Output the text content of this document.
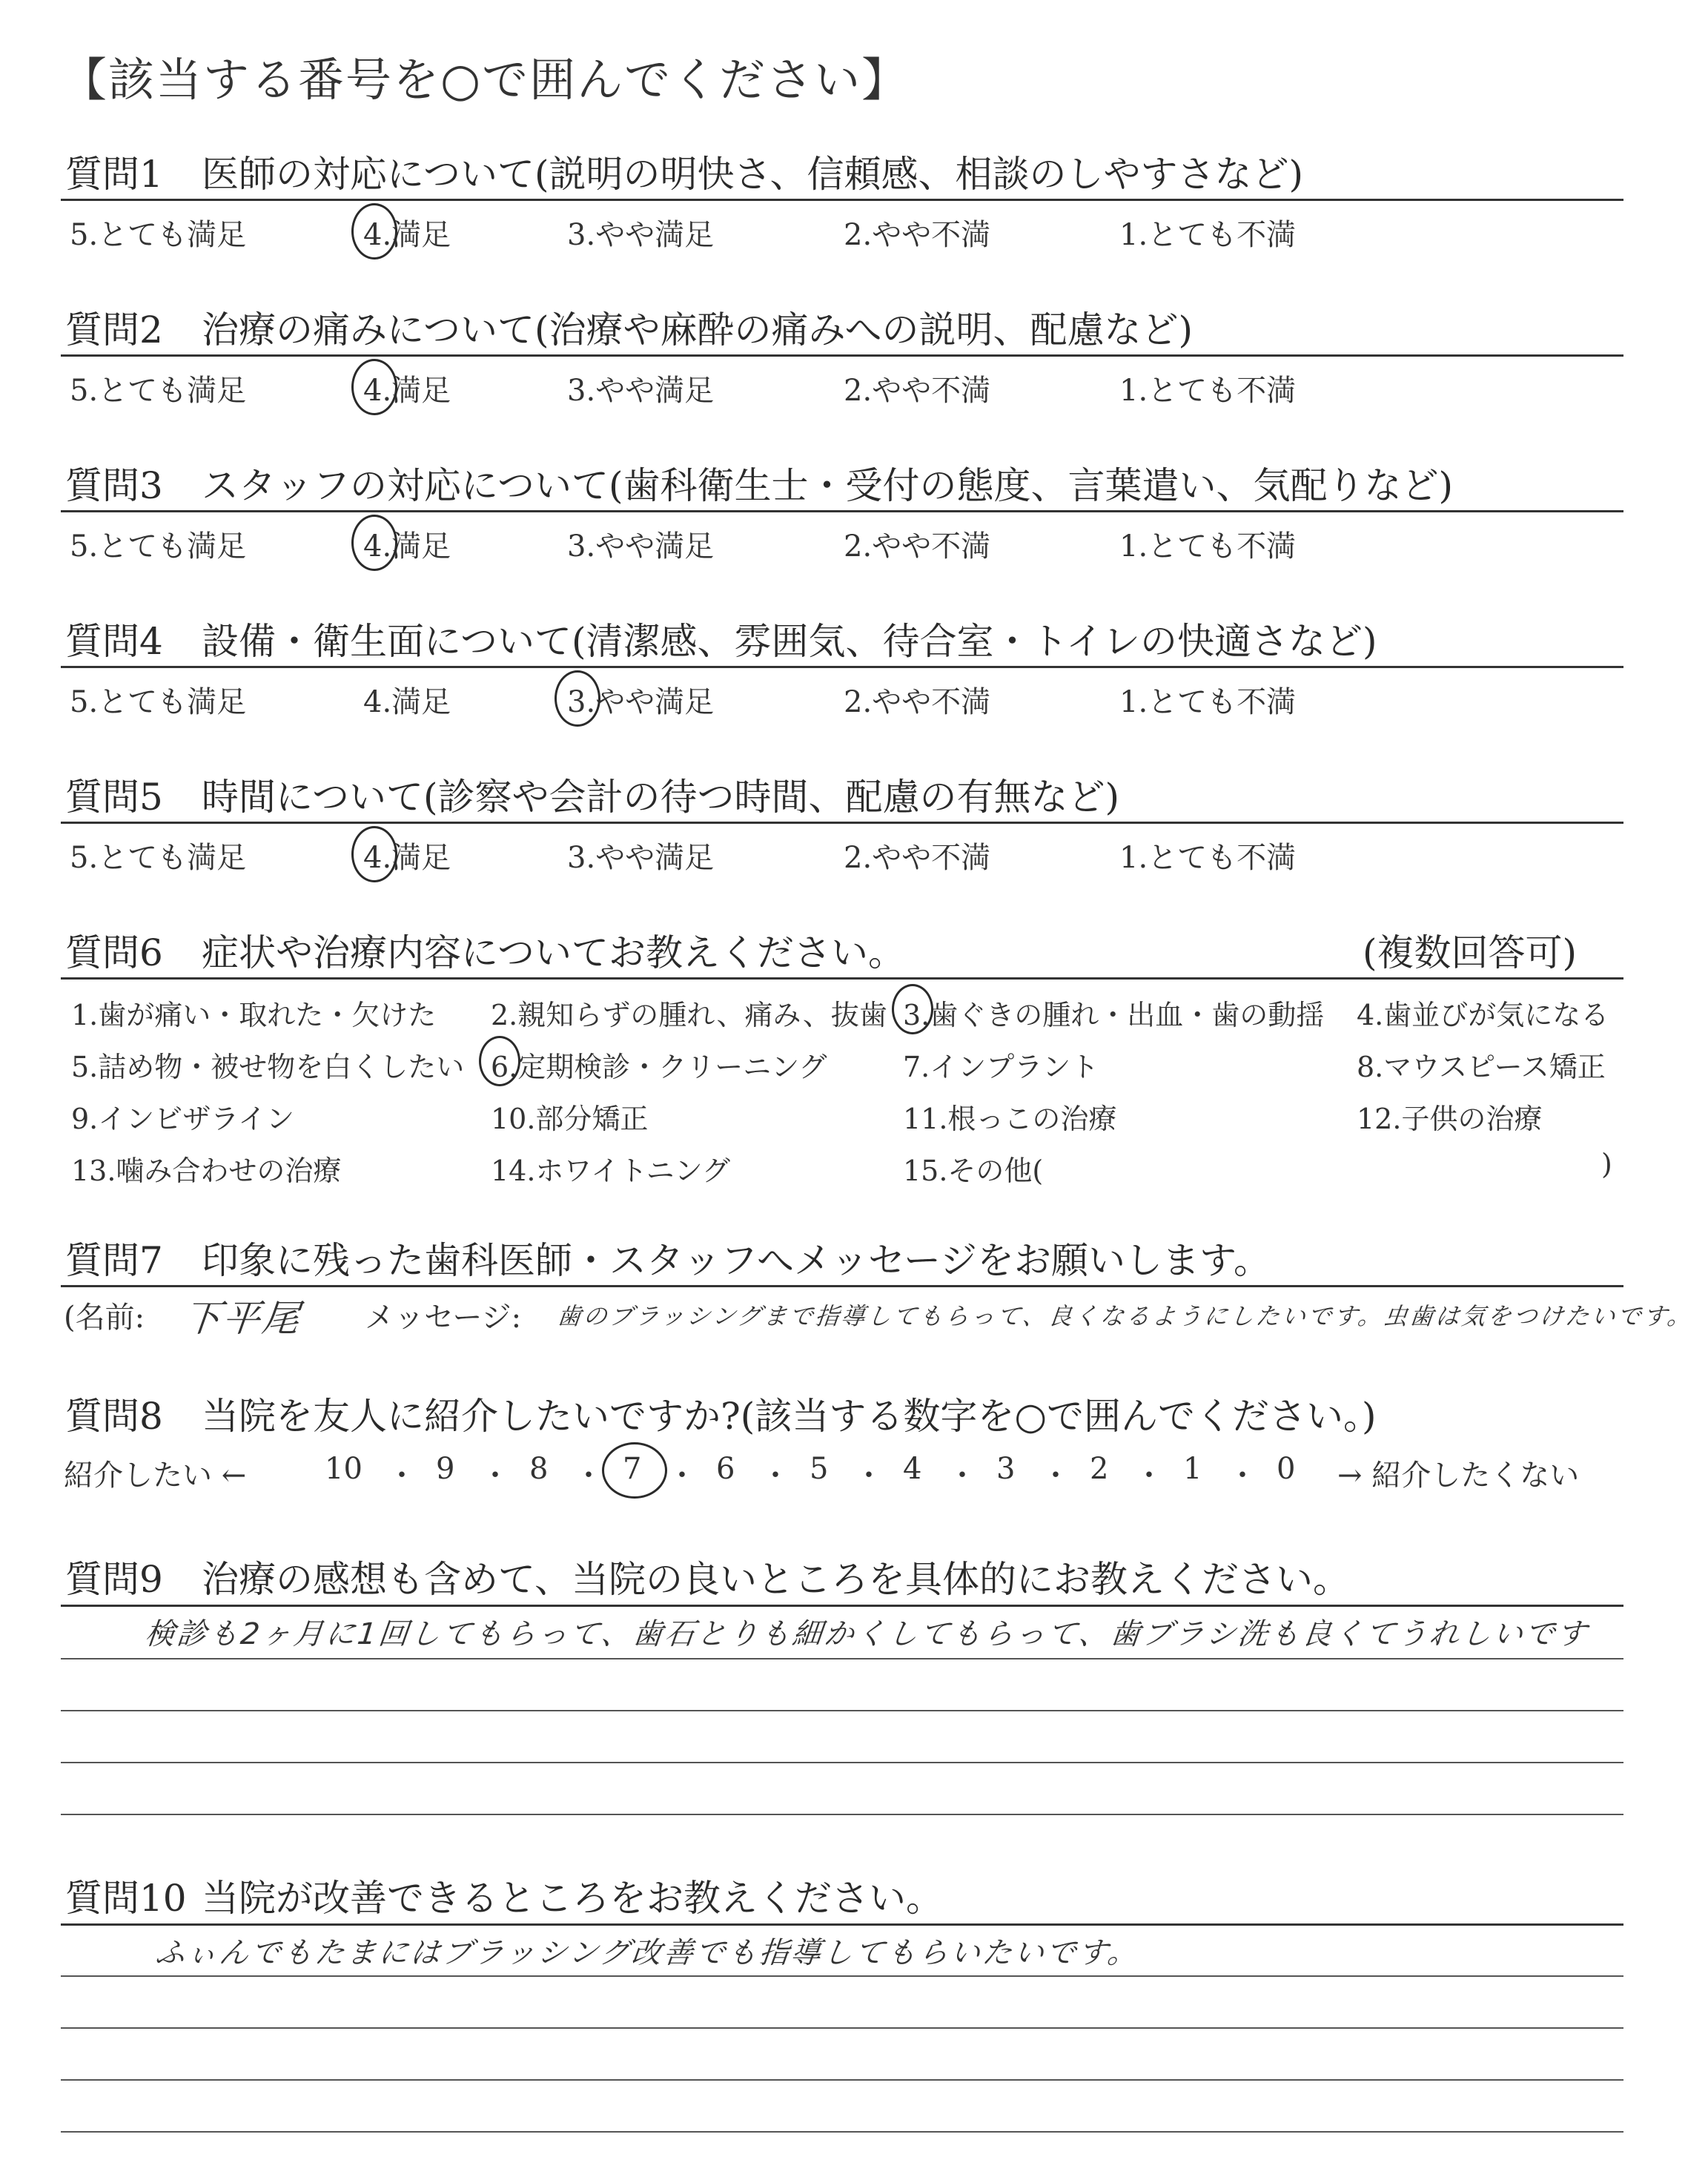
【該当する番号を○で囲んでください】
質問1 医師の対応について(説明の明快さ、信頼感、相談のしやすさなど)
5.とても満足	4.満足	3.やや満足	2.やや不満	1.とても不満
質問2 治療の痛みについて(治療や麻酔の痛みへの説明、配慮など)
5.とても満足	4.満足	3.やや満足	2.やや不満	1.とても不満
質問3 スタッフの対応について(歯科衛生士・受付の態度、言葉遣い、気配りなど)
5.とても満足	4.満足	3.やや満足	2.やや不満	1.とても不満
質問4 設備・衛生面について(清潔感、雰囲気、待合室・トイレの快適さなど)
5.とても満足	4.満足	3.やや満足	2.やや不満	1.とても不満
質問5 時間について(診察や会計の待つ時間、配慮の有無など)
5.とても満足	4.満足	3.やや満足	2.やや不満	1.とても不満
質問6 症状や治療内容についてお教えください。	(複数回答可)
1.歯が痛い・取れた・欠けた 2.親知らずの腫れ、痛み、抜歯 3.歯ぐきの腫れ・出血・歯の動揺 4.歯並びが気になる
5.詰め物・被せ物を白くしたい 6.定期検診・クリーニング	7.インプラント	8.マウスピース矯正
9.インビザライン	10.部分矯正	11.根っこの治療	12.子供の治療
13.噛み合わせの治療	14.ホワイトニング	15.その他(	)
質問7 印象に残った歯科医師・スタッフへメッセージをお願いします。
(名前: 下平尾 メッセージ: 歯のブラッシングまで指導してもらって、良くなるようにしたいです。虫歯は気をつけたいです。
質問8 当院を友人に紹介したいですか?(該当する数字を○で囲んでください。)
紹介したい ←	10 ・ 9 ・ 8 ・ 7 ・ 6 ・ 5 ・ 4 ・ 3 ・ 2 ・ 1 ・ 0 → 紹介したくない
質問9 治療の感想も含めて、当院の良いところを具体的にお教えください。
検診も2ヶ月に1回してもらって、歯石とりも細かくしてもらって、歯ブラシ洗も良くてうれしいです
質問10 当院が改善できるところをお教えください。
ふぃんでもたまにはブラッシング改善でも指導してもらいたいです。
